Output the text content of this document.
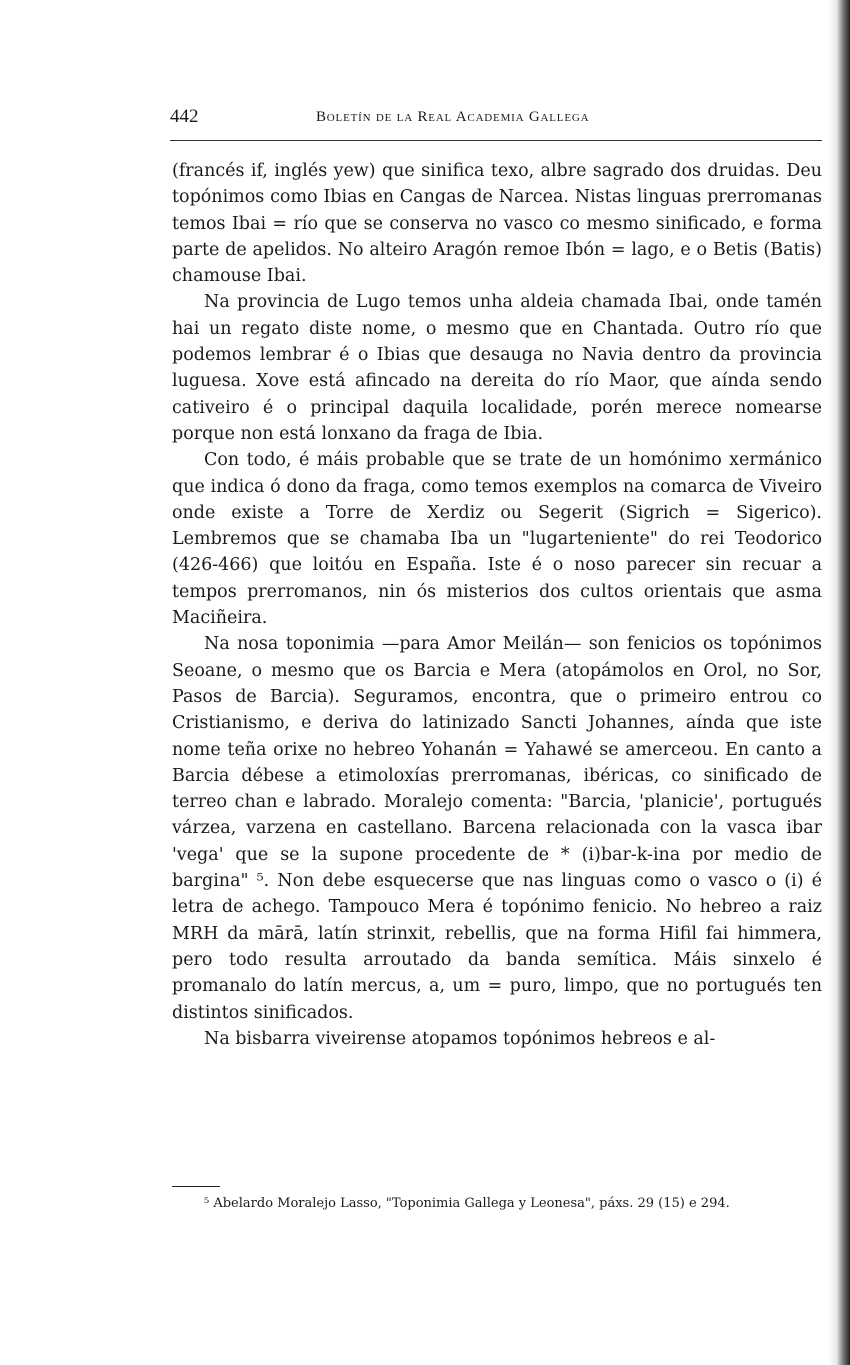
442	Boletín de la Real Academia Gallega

(francés if, inglés yew) que sinifica texo, albre sagrado dos druidas. Deu topónimos como Ibias en Cangas de Narcea. Nistas linguas prerromanas temos Ibai = río que se conserva no vasco co mesmo sinificado, e forma parte de apelidos. No alteiro Aragón remoe Ibón = lago, e o Betis (Batis) chamouse Ibai.

Na provincia de Lugo temos unha aldeia chamada Ibai, onde tamén hai un regato diste nome, o mesmo que en Chantada. Outro río que podemos lembrar é o Ibias que desauga no Navia dentro da provincia luguesa. Xove está afincado na dereita do río Maor, que aínda sendo cativeiro é o principal daquila localidade, porén merece nomearse porque non está lonxano da fraga de Ibia.

Con todo, é máis probable que se trate de un homónimo xermánico que indica ó dono da fraga, como temos exemplos na comarca de Viveiro onde existe a Torre de Xerdiz ou Segerit (Sigrich = Sigerico). Lembremos que se chamaba Iba un "lugarteniente" do rei Teodorico (426-466) que loitóu en España. Iste é o noso parecer sin recuar a tempos prerromanos, nin ós misterios dos cultos orientais que asma Maciñeira.

Na nosa toponimia —para Amor Meilán— son fenicios os topónimos Seoane, o mesmo que os Barcia e Mera (atopámolos en Orol, no Sor, Pasos de Barcia). Seguramos, encontra, que o primeiro entrou co Cristianismo, e deriva do latinizado Sancti Johannes, aínda que iste nome teña orixe no hebreo Yohanán = Yahawé se amerceou. En canto a Barcia débese a etimoloxías prerromanas, ibéricas, co sinificado de terreo chan e labrado. Moralejo comenta: "Barcia, 'planicie', portugués várzea, varzena en castellano. Barcena relacionada con la vasca ibar 'vega' que se la supone procedente de * (i)bar-k-ina por medio de bargina" ⁵. Non debe esquecerse que nas linguas como o vasco o (i) é letra de achego. Tampouco Mera é topónimo fenicio. No hebreo a raiz MRH da mārā, latín strinxit, rebellis, que na forma Hifil fai himmera, pero todo resulta arroutado da banda semítica. Máis sinxelo é promanalo do latín mercus, a, um = puro, limpo, que no portugués ten distintos sinificados.

Na bisbarra viveirense atopamos topónimos hebreos e al-

⁵ Abelardo Moralejo Lasso, "Toponimia Gallega y Leonesa", páxs. 29 (15) e 294.
